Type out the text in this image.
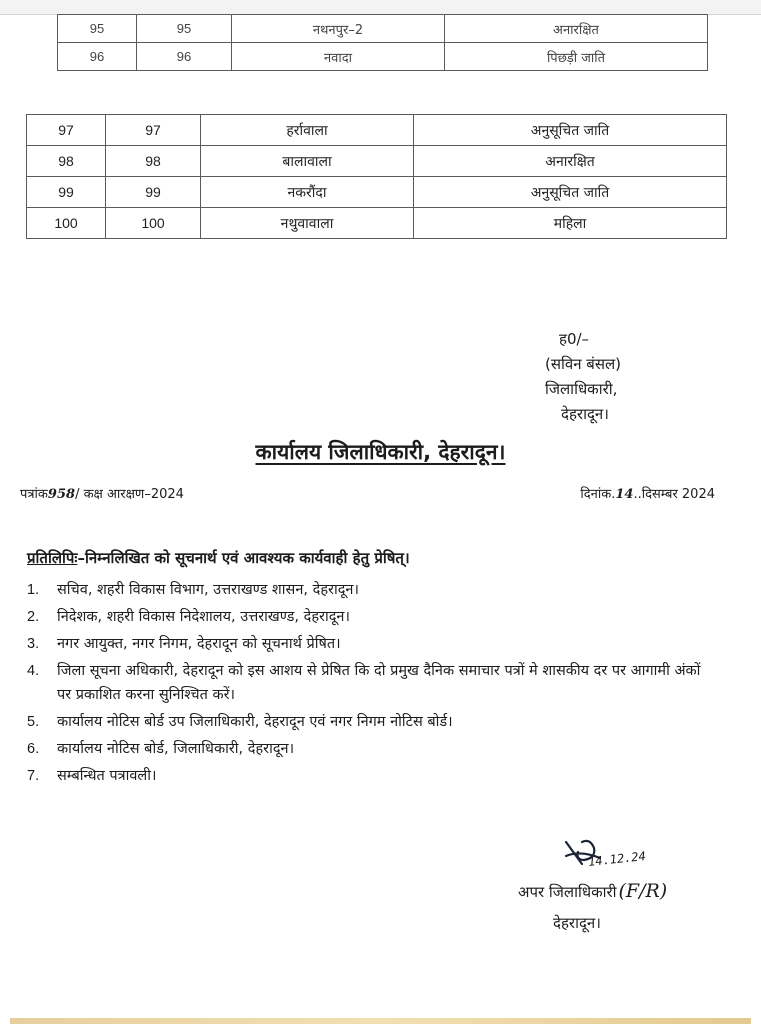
95	95	नथनपुर–2	अनारक्षित
96	96	नवादा	पिछड़ी जाति
97	97	हर्रावाला	अनुसूचित जाति
98	98	बालावाला	अनारक्षित
99	99	नकरौंदा	अनुसूचित जाति
100	100	नथुवावाला	महिला
ह0/–
(सविन बंसल)
जिलाधिकारी,
देहरादून।
कार्यालय जिलाधिकारी, देहरादून।
पत्रांक958/ कक्ष आरक्षण–2024	दिनांक.14..दिसम्बर 2024
प्रतिलिपिः–निम्नलिखित को सूचनार्थ एवं आवश्यक कार्यवाही हेतु प्रेषित्।
1. सचिव, शहरी विकास विभाग, उत्तराखण्ड शासन, देहरादून।
2. निदेशक, शहरी विकास निदेशालय, उत्तराखण्ड, देहरादून।
3. नगर आयुक्त, नगर निगम, देहरादून को सूचनार्थ प्रेषित।
4. जिला सूचना अधिकारी, देहरादून को इस आशय से प्रेषित कि दो प्रमुख दैनिक समाचार पत्रों मे शासकीय दर पर आगामी अंकों पर प्रकाशित करना सुनिश्चित करें।
5. कार्यालय नोटिस बोर्ड उप जिलाधिकारी, देहरादून एवं नगर निगम नोटिस बोर्ड।
6. कार्यालय नोटिस बोर्ड, जिलाधिकारी, देहरादून।
7. सम्बन्धित पत्रावली।
14.12.24
अपर जिलाधिकारी (F/R)
देहरादून।
